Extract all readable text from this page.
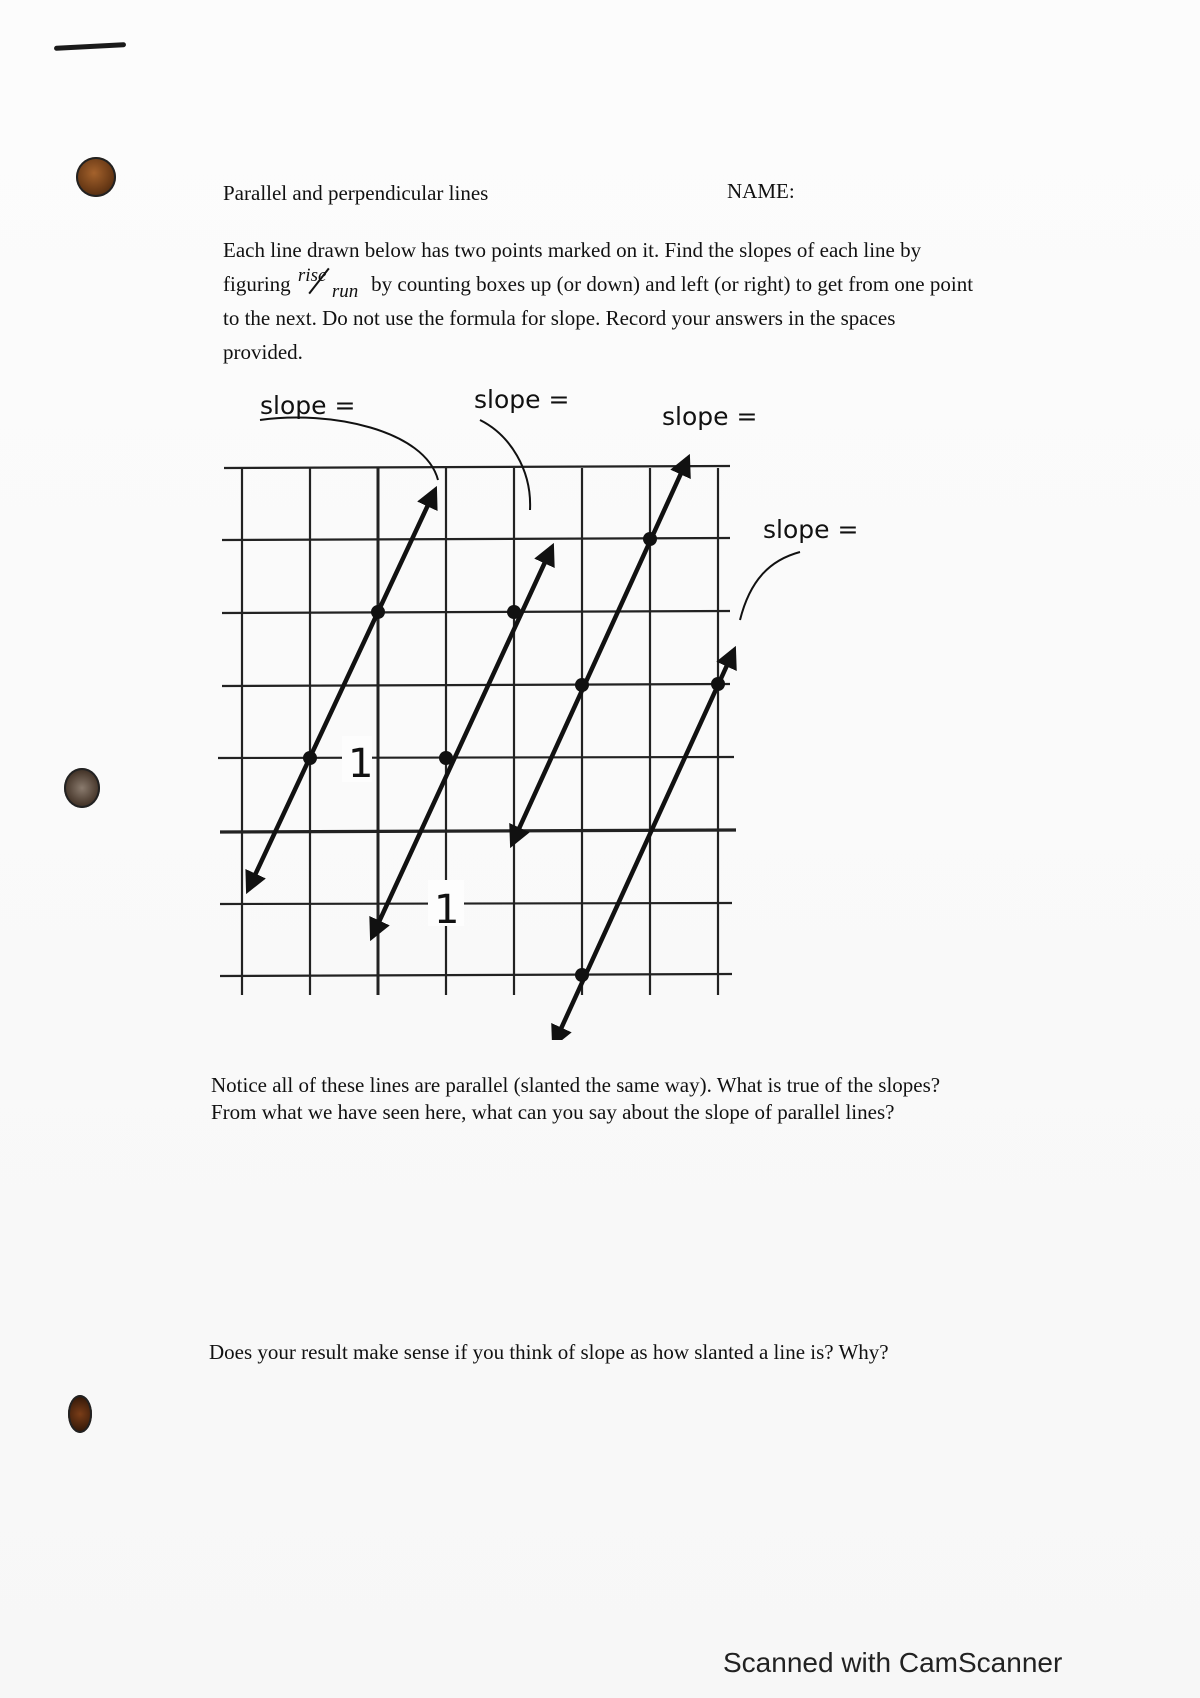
Parallel and perpendicular lines	NAME:
Each line drawn below has two points marked on it. Find the slopes of each line by
figuring rise
run by counting boxes up (or down) and left (or right) to get from one point
to the next. Do not use the formula for slope. Record your answers in the spaces
provided.
1
1
slope =	slope =
slope =
slope =
Notice all of these lines are parallel (slanted the same way). What is true of the slopes?
From what we have seen here, what can you say about the slope of parallel lines?
Does your result make sense if you think of slope as how slanted a line is? Why?
Scanned with CamScanner
